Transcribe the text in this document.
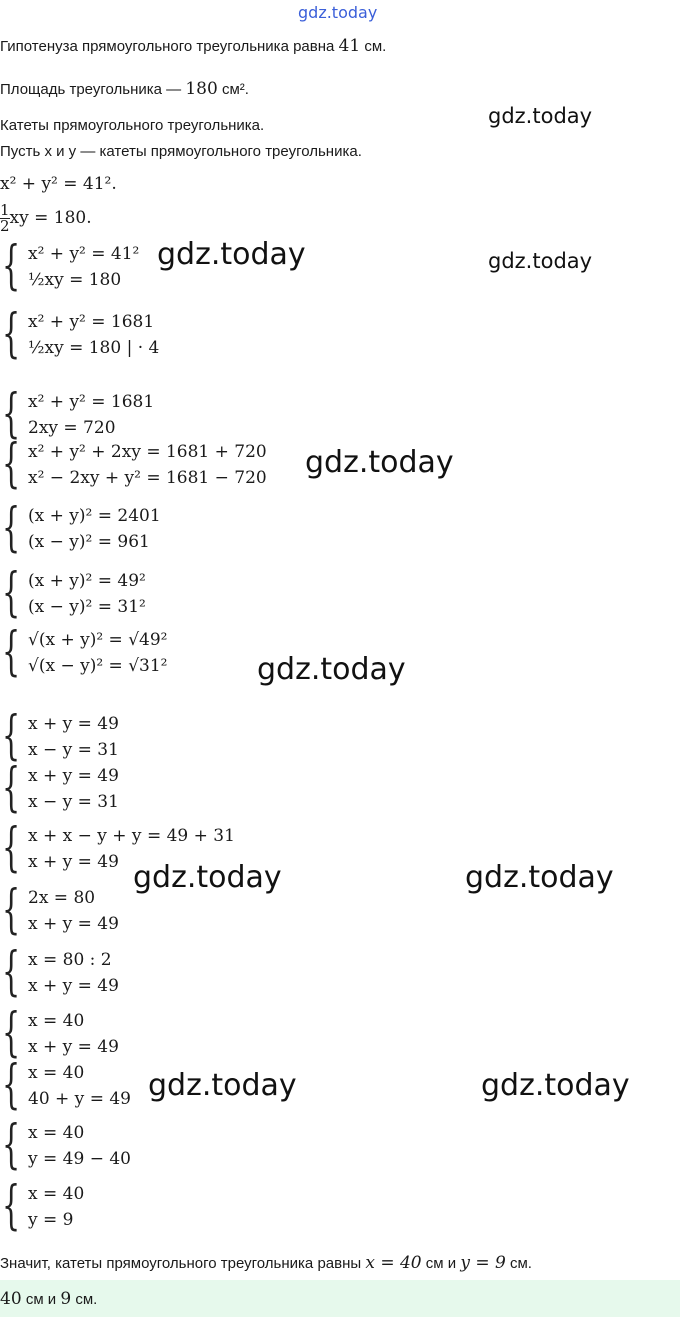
gdz.today
gdz.today
gdz.today
gdz.today
gdz.today
gdz.today
gdz.today	gdz.today
gdz.today	gdz.today
Гипотенуза прямоугольного треугольника равна 41 см.
Площадь треугольника — 180 см².
Катеты прямоугольного треугольника.
Пусть x и y — катеты прямоугольного треугольника.
x² + y² = 41².
$\frac{1}{2}$ xy = 180.
{ x² + y² = 41²
½xy = 180
{ x² + y² = 1681
½xy = 180 | · 4
{ x² + y² = 1681
2xy = 720
{ x² + y² + 2xy = 1681 + 720
x² − 2xy + y² = 1681 − 720
{ (x + y)² = 2401
(x − y)² = 961
{ (x + y)² = 49²
(x − y)² = 31²
{ √(x + y)² = √49²
√(x − y)² = √31²
{ x + y = 49
x − y = 31
{ x + y = 49
x − y = 31
{ x + x − y + y = 49 + 31
x + y = 49
{ 2x = 80
x + y = 49
{ x = 80 : 2
x + y = 49
{ x = 40
x + y = 49
{ x = 40
40 + y = 49
{ x = 40
y = 49 − 40
{ x = 40
y = 9
Значит, катеты прямоугольного треугольника равны x = 40 см и y = 9 см.
40 см и 9 см.
